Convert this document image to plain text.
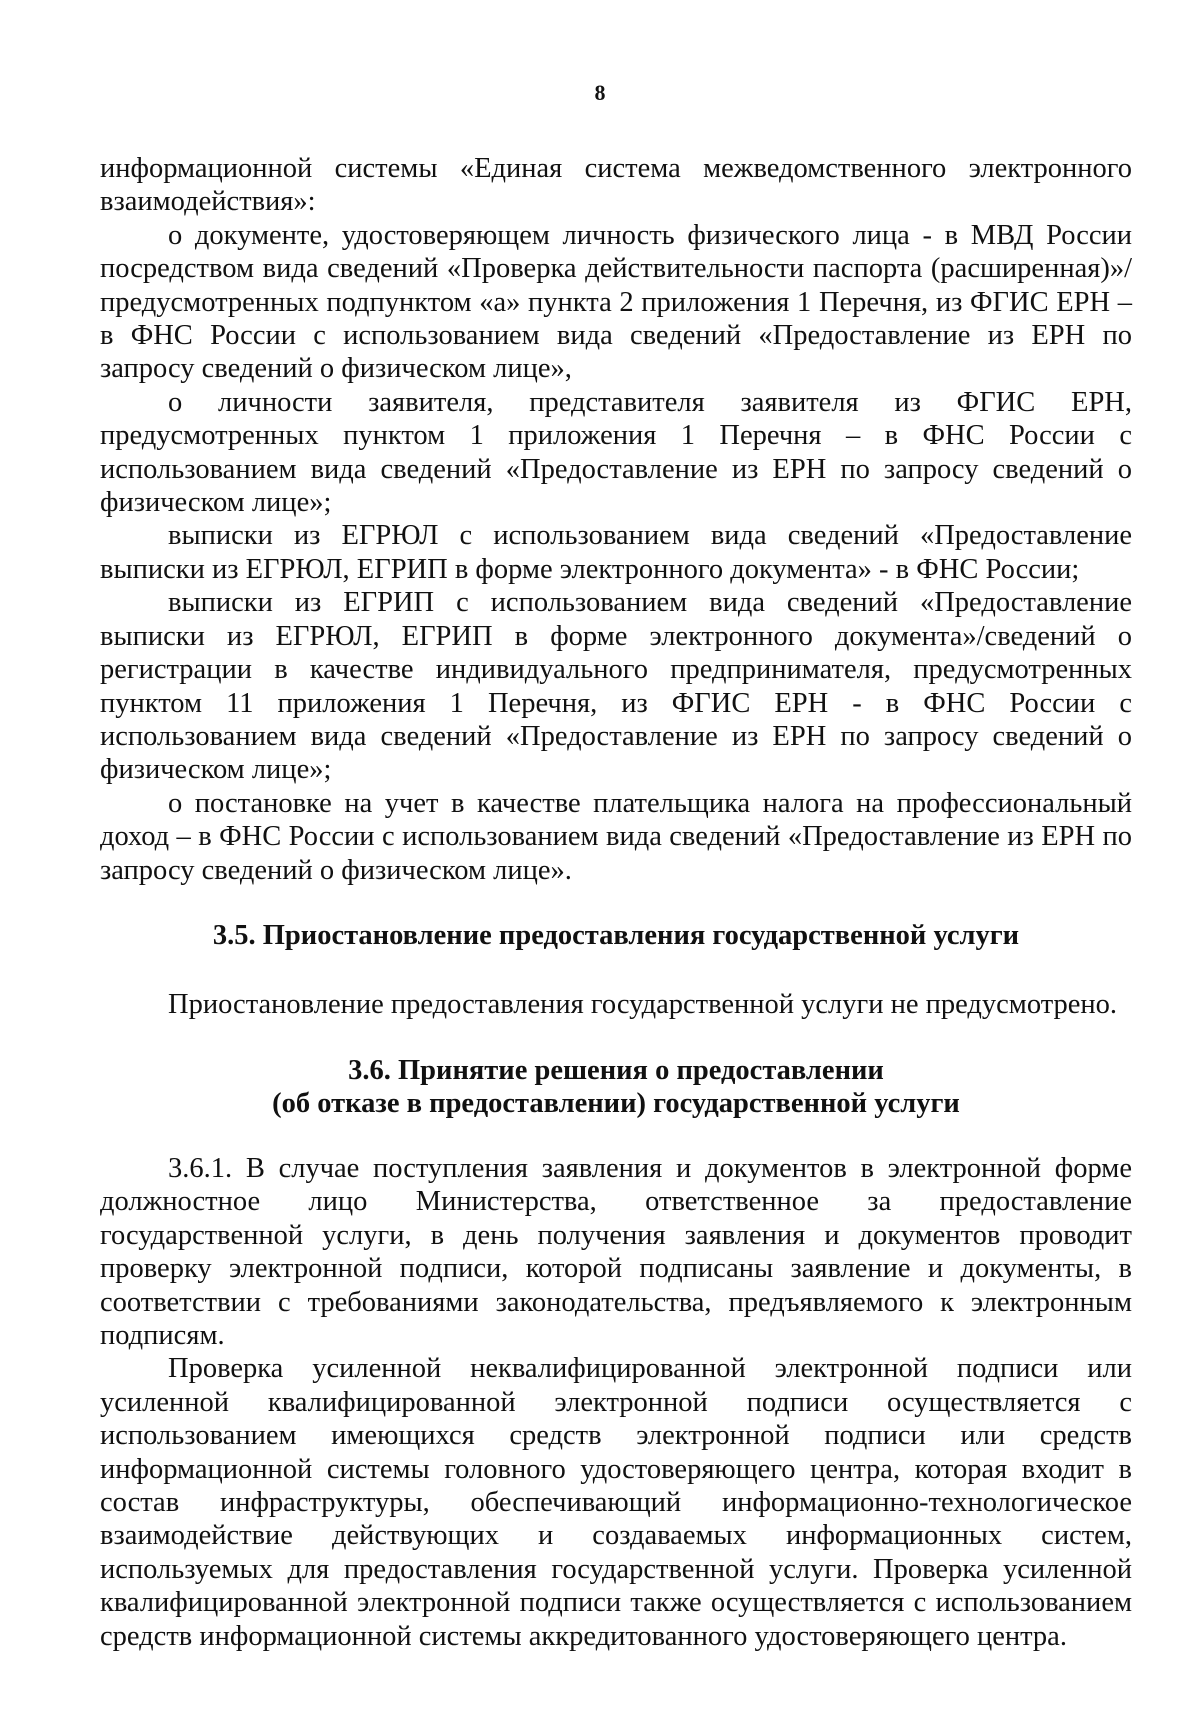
8

информационной системы «Единая система межведомственного электронного взаимодействия»:

о документе, удостоверяющем личность физического лица - в МВД России посредством вида сведений «Проверка действительности паспорта (расширенная)»/предусмотренных подпунктом «а» пункта 2 приложения 1 Перечня, из ФГИС ЕРН – в ФНС России с использованием вида сведений «Предоставление из ЕРН по запросу сведений о физическом лице»,

о личности заявителя, представителя заявителя из ФГИС ЕРН, предусмотренных пунктом 1 приложения 1 Перечня – в ФНС России с использованием вида сведений «Предоставление из ЕРН по запросу сведений о физическом лице»;

выписки из ЕГРЮЛ с использованием вида сведений «Предоставление выписки из ЕГРЮЛ, ЕГРИП в форме электронного документа» - в ФНС России;

выписки из ЕГРИП с использованием вида сведений «Предоставление выписки из ЕГРЮЛ, ЕГРИП в форме электронного документа»/сведений о регистрации в качестве индивидуального предпринимателя, предусмотренных пунктом 11 приложения 1 Перечня, из ФГИС ЕРН - в ФНС России с использованием вида сведений «Предоставление из ЕРН по запросу сведений о физическом лице»;

о постановке на учет в качестве плательщика налога на профессиональный доход – в ФНС России с использованием вида сведений «Предоставление из ЕРН по запросу сведений о физическом лице».

3.5. Приостановление предоставления государственной услуги

Приостановление предоставления государственной услуги не предусмотрено.

3.6. Принятие решения о предоставлении

(об отказе в предоставлении) государственной услуги

3.6.1. В случае поступления заявления и документов в электронной форме должностное лицо Министерства, ответственное за предоставление государственной услуги, в день получения заявления и документов проводит проверку электронной подписи, которой подписаны заявление и документы, в соответствии с требованиями законодательства, предъявляемого к электронным подписям.

Проверка усиленной неквалифицированной электронной подписи или усиленной квалифицированной электронной подписи осуществляется с использованием имеющихся средств электронной подписи или средств информационной системы головного удостоверяющего центра, которая входит в состав инфраструктуры, обеспечивающий информационно-технологическое взаимодействие действующих и создаваемых информационных систем, используемых для предоставления государственной услуги. Проверка усиленной квалифицированной электронной подписи также осуществляется с использованием средств информационной системы аккредитованного удостоверяющего центра.
